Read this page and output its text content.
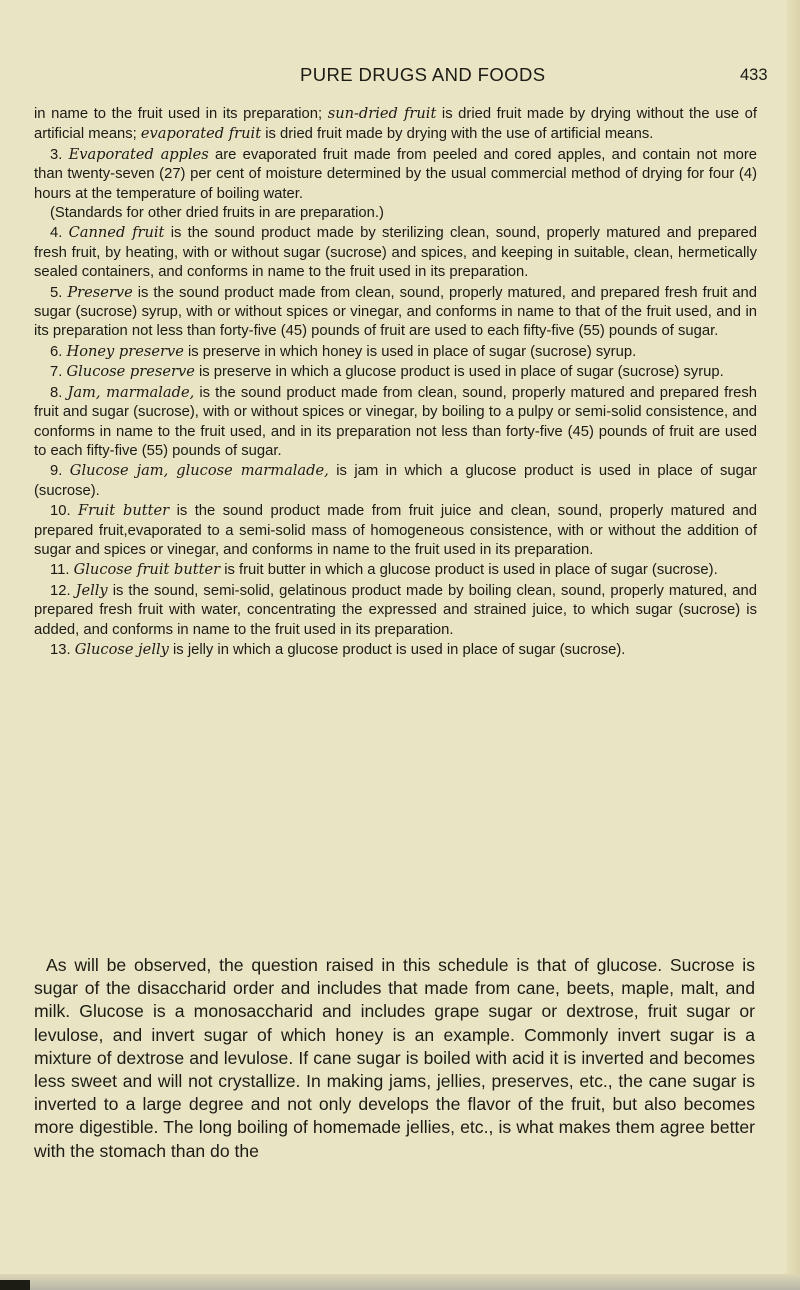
PURE DRUGS AND FOODS	433

in name to the fruit used in its preparation; sun-dried fruit is dried fruit made by drying without the use of artificial means; evaporated fruit is dried fruit made by drying with the use of artificial means.

3. Evaporated apples are evaporated fruit made from peeled and cored apples, and contain not more than twenty-seven (27) per cent of moisture determined by the usual commercial method of drying for four (4) hours at the temperature of boiling water.

(Standards for other dried fruits in are preparation.)

4. Canned fruit is the sound product made by sterilizing clean, sound, properly matured and prepared fresh fruit, by heating, with or without sugar (sucrose) and spices, and keeping in suitable, clean, hermetically sealed containers, and conforms in name to the fruit used in its preparation.

5. Preserve is the sound product made from clean, sound, properly matured, and prepared fresh fruit and sugar (sucrose) syrup, with or without spices or vinegar, and conforms in name to that of the fruit used, and in its preparation not less than forty-five (45) pounds of fruit are used to each fifty-five (55) pounds of sugar.

6. Honey preserve is preserve in which honey is used in place of sugar (sucrose) syrup.

7. Glucose preserve is preserve in which a glucose product is used in place of sugar (sucrose) syrup.

8. Jam, marmalade, is the sound product made from clean, sound, properly matured and prepared fresh fruit and sugar (sucrose), with or without spices or vinegar, by boiling to a pulpy or semi-solid consistence, and conforms in name to the fruit used, and in its preparation not less than forty-five (45) pounds of fruit are used to each fifty-five (55) pounds of sugar.

9. Glucose jam, glucose marmalade, is jam in which a glucose product is used in place of sugar (sucrose).

10. Fruit butter is the sound product made from fruit juice and clean, sound, properly matured and prepared fruit,evaporated to a semi-solid mass of homogeneous consistence, with or without the addition of sugar and spices or vinegar, and conforms in name to the fruit used in its preparation.

11. Glucose fruit butter is fruit butter in which a glucose product is used in place of sugar (sucrose).

12. Jelly is the sound, semi-solid, gelatinous product made by boiling clean, sound, properly matured, and prepared fresh fruit with water, concentrating the expressed and strained juice, to which sugar (sucrose) is added, and conforms in name to the fruit used in its preparation.

13. Glucose jelly is jelly in which a glucose product is used in place of sugar (sucrose).

As will be observed, the question raised in this schedule is that of glucose. Sucrose is sugar of the disaccharid order and includes that made from cane, beets, maple, malt, and milk. Glucose is a monosaccharid and includes grape sugar or dextrose, fruit sugar or levulose, and invert sugar of which honey is an example. Commonly invert sugar is a mixture of dextrose and levulose. If cane sugar is boiled with acid it is inverted and becomes less sweet and will not crystallize. In making jams, jellies, preserves, etc., the cane sugar is inverted to a large degree and not only develops the flavor of the fruit, but also becomes more digestible. The long boiling of homemade jellies, etc., is what makes them agree better with the stomach than do the
